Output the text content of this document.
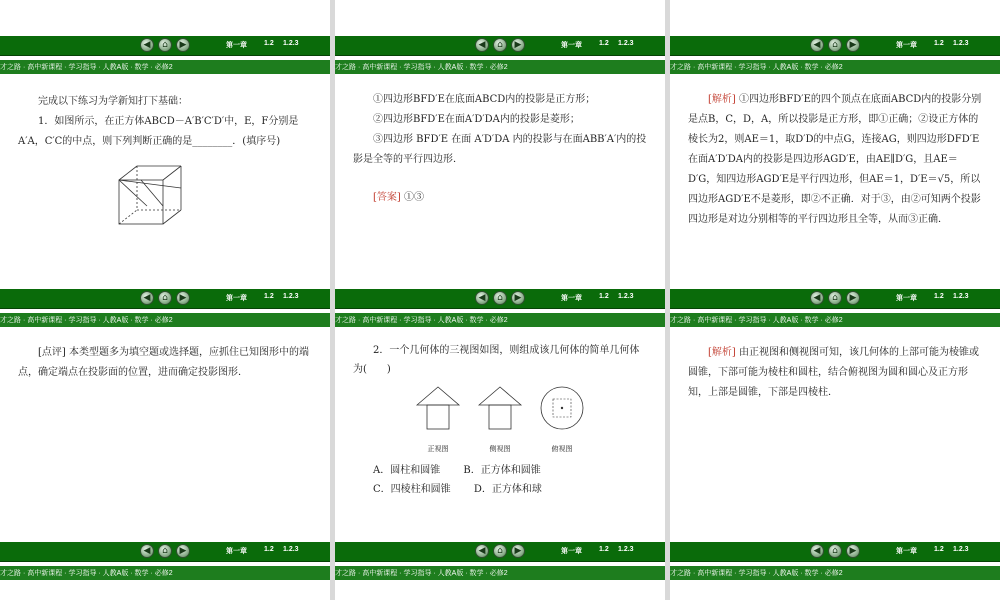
◀	⌂	▶	第一章 1.2 1.2.3
才之路 · 高中新课程 · 学习指导 · 人教A版 · 数学 · 必修2

完成以下练习为学新知打下基础：

1．如图所示，在正方体ABCD－A′B′C′D′中，E，F分别是A′A，C′C的中点，则下列判断正确的是________．(填序号)

◀	⌂	▶	第一章 1.2 1.2.3
才之路 · 高中新课程 · 学习指导 · 人教A版 · 数学 · 必修2

①四边形BFD′E在底面ABCD内的投影是正方形；

②四边形BFD′E在面A′D′DA内的投影是菱形；

③四边形 BFD′E 在面 A′D′DA 内的投影与在面ABB′A′内的投影是全等的平行四边形．

[答案] ①③

◀	⌂	▶	第一章 1.2 1.2.3
才之路 · 高中新课程 · 学习指导 · 人教A版 · 数学 · 必修2

[解析] ①四边形BFD′E的四个顶点在底面ABCD内的投影分别是点B，C，D，A，所以投影是正方形，即①正确；②设正方体的棱长为2，则AE＝1，取D′D的中点G，连接AG，则四边形DFD′E在面A′D′DA内的投影是四边形AGD′E，由AE∥D′G，且AE＝D′G，知四边形AGD′E是平行四边形，但AE＝1，D′E＝√5，所以四边形AGD′E不是菱形，即②不正确．对于③，由②可知两个投影四边形是对边分别相等的平行四边形且全等，从而③正确．

◀	⌂	▶	第一章 1.2 1.2.3
才之路 · 高中新课程 · 学习指导 · 人教A版 · 数学 · 必修2

[点评] 本类型题多为填空题或选择题，应抓住已知图形中的端点，确定端点在投影面的位置，进而确定投影图形．

◀	⌂	▶	第一章 1.2 1.2.3
才之路 · 高中新课程 · 学习指导 · 人教A版 · 数学 · 必修2

2．一个几何体的三视图如图，则组成该几何体的简单几何体为(　　)

正视图	侧视图	俯视图

A．圆柱和圆锥 　　 B．正方体和圆锥

C．四棱柱和圆锥 　　 D．正方体和球

◀	⌂	▶	第一章 1.2 1.2.3
才之路 · 高中新课程 · 学习指导 · 人教A版 · 数学 · 必修2

[解析] 由正视图和侧视图可知，该几何体的上部可能为棱锥或圆锥，下部可能为棱柱和圆柱，结合俯视图为圆和圆心及正方形知，上部是圆锥，下部是四棱柱．

◀	⌂	▶	第一章 1.2 1.2.3
才之路 · 高中新课程 · 学习指导 · 人教A版 · 数学 · 必修2
◀	⌂	▶	第一章 1.2 1.2.3
才之路 · 高中新课程 · 学习指导 · 人教A版 · 数学 · 必修2
◀	⌂	▶	第一章 1.2 1.2.3
才之路 · 高中新课程 · 学习指导 · 人教A版 · 数学 · 必修2
